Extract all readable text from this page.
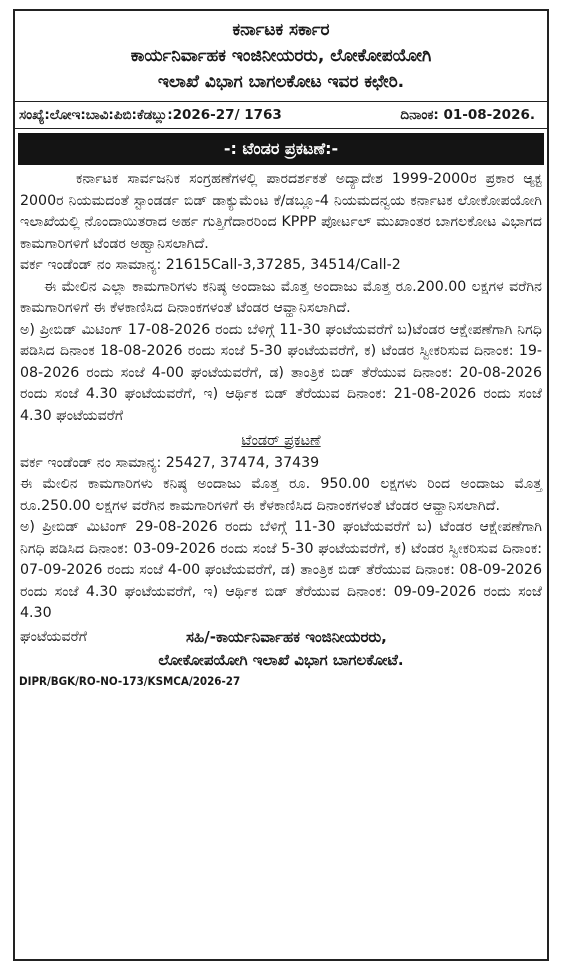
ಕರ್ನಾಟಕ ಸರ್ಕಾರ
ಕಾರ್ಯನಿರ್ವಾಹಕ ಇಂಜಿನೀಯರರು, ಲೋಕೋಪಯೋಗಿ
ಇಲಾಖೆ ವಿಭಾಗ ಬಾಗಲಕೋಟ ಇವರ ಕಛೇರಿ.
ಸಂಖ್ಯೆ:ಲೋಇ:ಬಾವಿ:ಪಿಬಿ:ಕೆಡಬ್ಲು:2026-27/ 1763	ದಿನಾಂಕ: 01-08-2026.
-: ಟೆಂಡರ ಪ್ರಕಟಣೆ:-
ಕರ್ನಾಟಕ ಸಾರ್ವಜನಿಕ ಸಂಗ್ರಹಣೆಗಳಲ್ಲಿ ಪಾರದರ್ಶಕತೆ ಅದ್ಯಾದೇಶ 1999-2000ರ ಪ್ರಕಾರ ಆ್ಯಕ್ಟ 2000ರ ನಿಯಮದಂತೆ ಸ್ಟಾಂಡರ್ಡ ಬಿಡ್ ಡಾಕ್ಯುಮೆಂಟ ಕೆ/ಡಬ್ಲೂ-4 ನಿಯಮದನ್ವಯ ಕರ್ನಾಟಕ ಲೋಕೋಪಯೋಗಿ ಇಲಾಖೆಯಲ್ಲಿ ನೊಂದಾಯಿತರಾದ ಅರ್ಹ ಗುತ್ತಿಗೆದಾರರಿಂದ KPPP ಪೋರ್ಟಲ್ ಮುಖಾಂತರ ಬಾಗಲಕೋಟ ವಿಭಾಗದ ಕಾಮಗಾರಿಗಳಿಗೆ ಟೆಂಡರ ಅಹ್ವಾನಿಸಲಾಗಿದೆ.
ವರ್ಕ ಇಂಡೆಂಡ್ ನಂ ಸಾಮಾನ್ಯ: 21615Call-3,37285, 34514/Call-2
ಈ ಮೇಲಿನ ಎಲ್ಲಾ ಕಾಮಗಾರಿಗಳು ಕನಿಷ್ಠ ಅಂದಾಜು ಮೊತ್ತ ಅಂದಾಜು ಮೊತ್ತ ರೂ.200.00 ಲಕ್ಷಗಳ ವರೆಗಿನ ಕಾಮಗಾರಿಗಳಿಗೆ ಈ ಕೆಳಕಾಣಿಸಿದ ದಿನಾಂಕಗಳಂತೆ ಟೆಂಡರ ಆವ್ಹಾನಿಸಲಾಗಿದೆ.
ಅ) ಪ್ರೀಬಿಡ್ ಮಿಟಿಂಗ್ 17-08-2026 ರಂದು ಬೆಳಿಗ್ಗೆ 11-30 ಘಂಟೆಯವರೆಗೆ ಬ)ಟೆಂಡರ ಆಕ್ಷೇಪಣೆಗಾಗಿ ನಿಗಧಿ ಪಡಿಸಿದ ದಿನಾಂಕ 18-08-2026 ರಂದು ಸಂಜೆ 5-30 ಘಂಟೆಯವರೆಗೆ, ಕ) ಟೆಂಡರ ಸ್ವೀಕರಿಸುವ ದಿನಾಂಕ: 19-08-2026 ರಂದು ಸಂಜೆ 4-00 ಘಂಟೆಯವರೆಗೆ, ಡ) ತಾಂತ್ರಿಕ ಬಿಡ್ ತೆರೆಯುವ ದಿನಾಂಕ: 20-08-2026 ರಂದು ಸಂಜೆ 4.30 ಘಂಟೆಯವರೆಗೆ, ಇ) ಆರ್ಥಿಕ ಬಿಡ್ ತೆರೆಯುವ ದಿನಾಂಕ: 21-08-2026 ರಂದು ಸಂಜೆ 4.30 ಘಂಟೆಯವರೆಗೆ
ಟೆಂಡರ್ ಪ್ರಕಟಣೆ
ವರ್ಕ ಇಂಡೆಂಡ್ ನಂ ಸಾಮಾನ್ಯ: 25427, 37474, 37439
ಈ ಮೇಲಿನ ಕಾಮಗಾರಿಗಳು ಕನಿಷ್ಠ ಅಂದಾಜು ಮೊತ್ತ ರೂ. 950.00 ಲಕ್ಷಗಳು ರಿಂದ ಅಂದಾಜು ಮೊತ್ತ ರೂ.250.00 ಲಕ್ಷಗಳ ವರೆಗಿನ ಕಾಮಗಾರಿಗಳಿಗೆ ಈ ಕೆಳಕಾಣಿಸಿದ ದಿನಾಂಕಗಳಂತೆ ಟೆಂಡರ ಆವ್ಹಾನಿಸಲಾಗಿದೆ.
ಅ) ಪ್ರೀಬಿಡ್ ಮಿಟಿಂಗ್ 29-08-2026 ರಂದು ಬೆಳಿಗ್ಗೆ 11-30 ಘಂಟೆಯವರೆಗೆ ಬ) ಟೆಂಡರ ಆಕ್ಷೇಪಣೆಗಾಗಿ ನಿಗಧಿ ಪಡಿಸಿದ ದಿನಾಂಕ: 03-09-2026 ರಂದು ಸಂಜೆ 5-30 ಘಂಟೆಯವರೆಗೆ, ಕ) ಟೆಂಡರ ಸ್ವೀಕರಿಸುವ ದಿನಾಂಕ: 07-09-2026 ರಂದು ಸಂಜೆ 4-00 ಘಂಟೆಯವರೆಗೆ, ಡ) ತಾಂತ್ರಿಕ ಬಿಡ್ ತೆರೆಯುವ ದಿನಾಂಕ: 08-09-2026 ರಂದು ಸಂಜೆ 4.30 ಘಂಟೆಯವರೆಗೆ, ಇ) ಆರ್ಥಿಕ ಬಿಡ್ ತೆರೆಯುವ ದಿನಾಂಕ: 09-09-2026 ರಂದು ಸಂಜೆ 4.30
ಘಂಟೆಯವರೆಗೆ	ಸಹಿ/-ಕಾರ್ಯನಿರ್ವಾಹಕ ಇಂಜಿನೀಯರರು,
ಲೋಕೋಪಯೋಗಿ ಇಲಾಖೆ ವಿಭಾಗ ಬಾಗಲಕೋಟೆ.
DIPR/BGK/RO-NO-173/KSMCA/2026-27
